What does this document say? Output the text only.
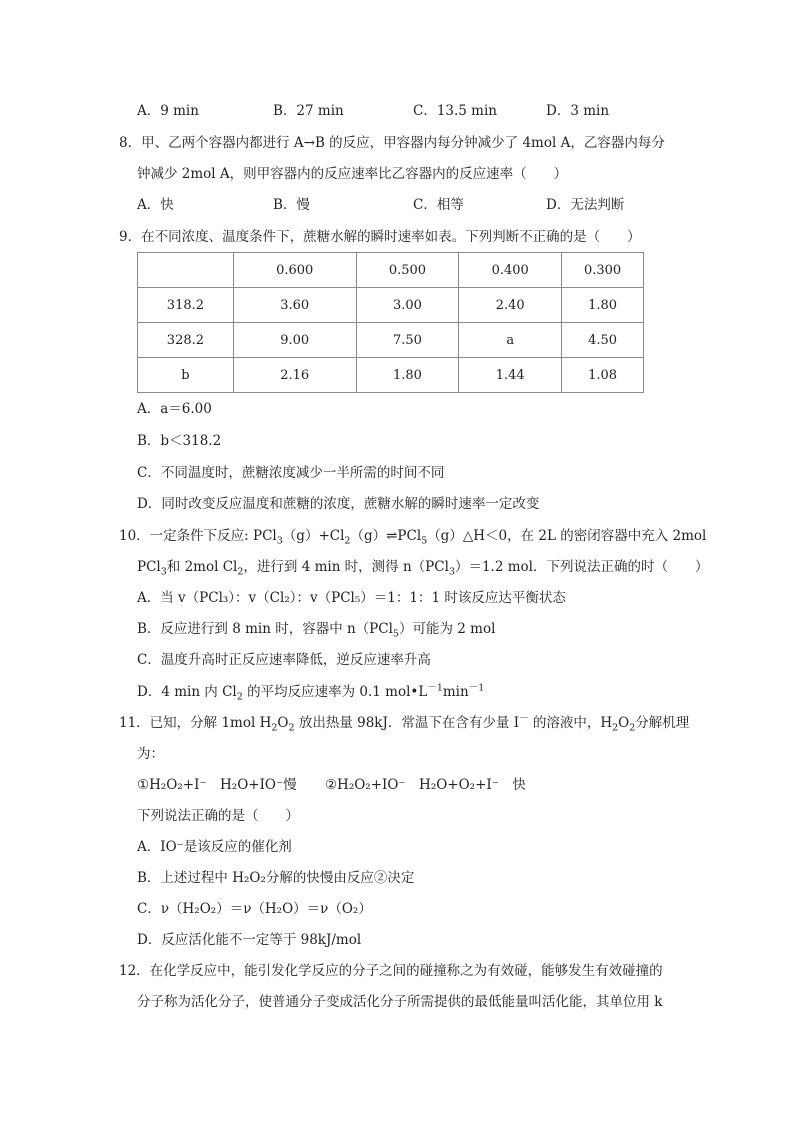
A．9 min	B．27 min	C．13.5 min	D．3 min
8．甲、乙两个容器内都进行 A→B 的反应，甲容器内每分钟减少了 4mol A，乙容器内每分
钟减少 2mol A，则甲容器内的反应速率比乙容器内的反应速率（　　）
A．快	B．慢	C．相等	D．无法判断
9．在不同浓度、温度条件下，蔗糖水解的瞬时速率如表。下列判断不正确的是（　　）
	0.600	0.500	0.400	0.300
318.2	3.60	3.00	2.40	1.80
328.2	9.00	7.50	a	4.50
b	2.16	1.80	1.44	1.08
A．a＝6.00
B．b＜318.2
C．不同温度时，蔗糖浓度减少一半所需的时间不同
D．同时改变反应温度和蔗糖的浓度，蔗糖水解的瞬时速率一定改变
10．一定条件下反应: $PCl_3(g)+Cl_2(g)\rightleftharpoons PCl_5(g)\triangle H<0$，在 2L 的密闭容器中充入 2mol
PCl$_3$和 2mol $Cl_2$，进行到 4 min 时，测得 n（PCl$_3$）＝1.2 mol．下列说法正确的时（　　）
A．当 v（PCl₃）：v（Cl₂）：v（PCl₅）＝1：1：1 时该反应达平衡状态
B．反应进行到 8 min 时，容器中 n（PCl$_5$）可能为 2 mol
C．温度升高时正反应速率降低，逆反应速率升高
D．4 min 内 $Cl_2$ 的平均反应速率为 0.1 $mol•L^{-1}\min^{-1}$
11．已知，分解 1mol $H_2O_2$ 放出热量 98kJ．常温下在含有少量 I－ 的溶液中，$H_2O_2$分解机理
为：
①H₂O₂+I⁻　H₂O+IO⁻慢 ②H₂O₂+IO⁻　H₂O+O₂+I⁻　快
下列说法正确的是（　　）
A．IO⁻是该反应的催化剂
B．上述过程中 H₂O₂分解的快慢由反应②决定
C．ν（H₂O₂）＝ν（H₂O）＝ν（O₂）
D．反应活化能不一定等于 98kJ/mol
12．在化学反应中，能引发化学反应的分子之间的碰撞称之为有效碰，能够发生有效碰撞的
分子称为活化分子，使普通分子变成活化分子所需提供的最低能量叫活化能，其单位用 k
